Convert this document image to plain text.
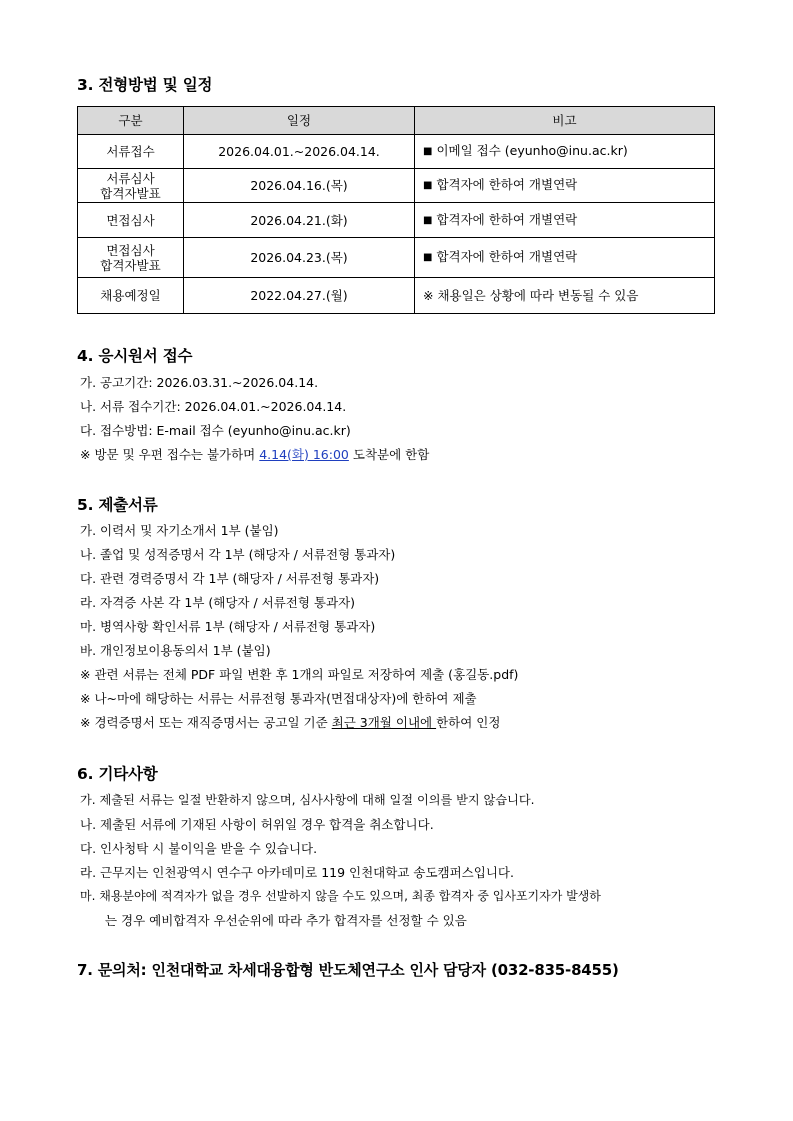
3. 전형방법 및 일정
구분	일정	비고

서류접수	2026.04.01.~2026.04.14.	■ 이메일 접수 (eyunho@inu.ac.kr)

서류심사
합격자발표	2026.04.16.(목)	■ 합격자에 한하여 개별연락

면접심사	2026.04.21.(화)	■ 합격자에 한하여 개별연락

면접심사
합격자발표	2026.04.23.(목)	■ 합격자에 한하여 개별연락

채용예정일	2022.04.27.(월)	※ 채용일은 상황에 따라 변동될 수 있음
4. 응시원서 접수
가. 공고기간: 2026.03.31.~2026.04.14.
나. 서류 접수기간: 2026.04.01.~2026.04.14.
다. 접수방법: E-mail 접수 (eyunho@inu.ac.kr)
※ 방문 및 우편 접수는 불가하며 4.14(화) 16:00 도착분에 한함
5. 제출서류
가. 이력서 및 자기소개서 1부 (붙임)
나. 졸업 및 성적증명서 각 1부 (해당자 / 서류전형 통과자)
다. 관련 경력증명서 각 1부 (해당자 / 서류전형 통과자)
라. 자격증 사본 각 1부 (해당자 / 서류전형 통과자)
마. 병역사항 확인서류 1부 (해당자 / 서류전형 통과자)
바. 개인정보이용동의서 1부 (붙임)
※ 관련 서류는 전체 PDF 파일 변환 후 1개의 파일로 저장하여 제출 (홍길동.pdf)
※ 나~마에 해당하는 서류는 서류전형 통과자(면접대상자)에 한하여 제출
※ 경력증명서 또는 재직증명서는 공고일 기준 최근 3개월 이내에 한하여 인정
6. 기타사항
가. 제출된 서류는 일절 반환하지 않으며, 심사사항에 대해 일절 이의를 받지 않습니다.
나. 제출된 서류에 기재된 사항이 허위일 경우 합격을 취소합니다.
다. 인사청탁 시 불이익을 받을 수 있습니다.
라. 근무지는 인천광역시 연수구 아카데미로 119 인천대학교 송도캠퍼스입니다.
마. 채용분야에 적격자가 없을 경우 선발하지 않을 수도 있으며, 최종 합격자 중 입사포기자가 발생하
는 경우 예비합격자 우선순위에 따라 추가 합격자를 선정할 수 있음
7. 문의처: 인천대학교 차세대융합형 반도체연구소 인사 담당자 (032-835-8455)
